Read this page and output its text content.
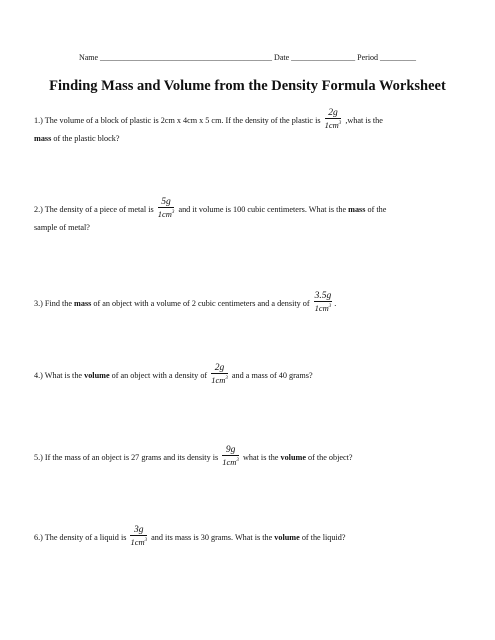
Name ___________________________________________ Date ________________ Period _________
Finding Mass and Volume from the Density Formula Worksheet
1.) The volume of a block of plastic is 2cm x 4cm x 5 cm. If the density of the plastic is $\frac{2g}{1cm^3}$ ,what is the
mass of the plastic block?
2.) The density of a piece of metal is $\frac{5g}{1cm^3}$ and it volume is 100 cubic centimeters. What is the mass of the
sample of metal?
3.) Find the mass of an object with a volume of 2 cubic centimeters and a density of $\frac{3.5g}{1cm^3}$ .
4.) What is the volume of an object with a density of $\frac{2g}{1cm^3}$ and a mass of 40 grams?
5.) If the mass of an object is 27 grams and its density is $\frac{9g}{1cm^3}$ what is the volume of the object?
6.) The density of a liquid is $\frac{3g}{1cm^3}$ and its mass is 30 grams. What is the volume of the liquid?
